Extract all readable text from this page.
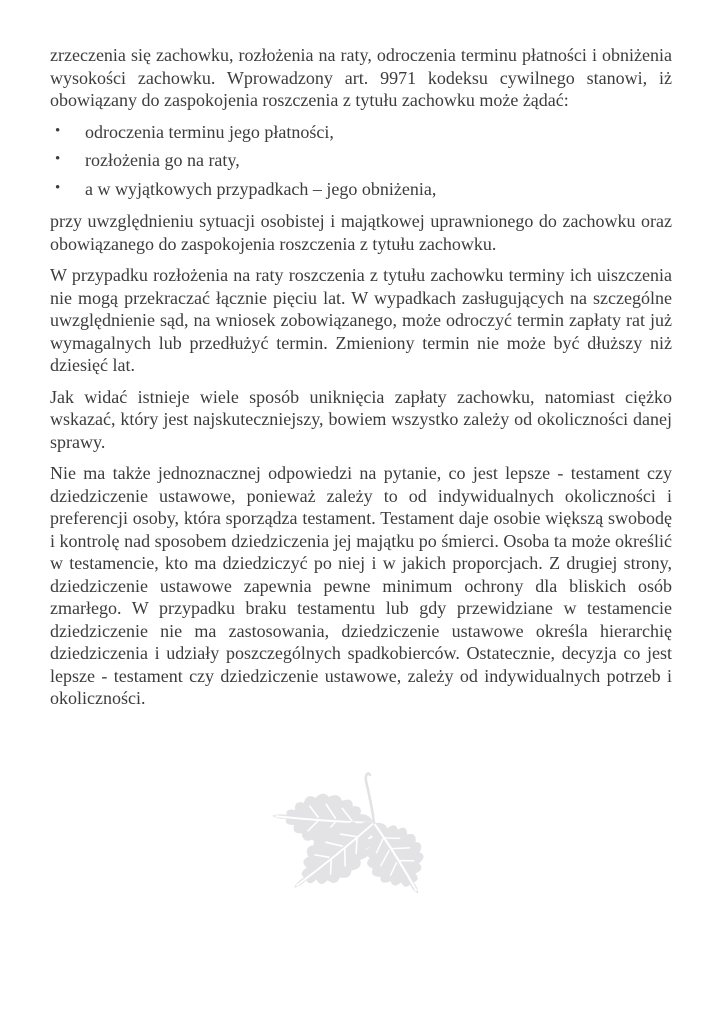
zrzeczenia się zachowku, rozłożenia na raty, odroczenia terminu płatności i obniżenia wysokości zachowku. Wprowadzony art. 9971 kodeksu cywilnego stanowi, iż obowiązany do zaspokojenia roszczenia z tytułu zachowku może żądać:

• odroczenia terminu jego płatności,
• rozłożenia go na raty,
• a w wyjątkowych przypadkach – jego obniżenia,

przy uwzględnieniu sytuacji osobistej i majątkowej uprawnionego do zachowku oraz obowiązanego do zaspokojenia roszczenia z tytułu zachowku.

W przypadku rozłożenia na raty roszczenia z tytułu zachowku terminy ich uiszczenia nie mogą przekraczać łącznie pięciu lat. W wypadkach zasługujących na szczególne uwzględnienie sąd, na wniosek zobowiązanego, może odroczyć termin zapłaty rat już wymagalnych lub przedłużyć termin. Zmieniony termin nie może być dłuższy niż dziesięć lat.

Jak widać istnieje wiele sposób uniknięcia zapłaty zachowku, natomiast ciężko wskazać, który jest najskuteczniejszy, bowiem wszystko zależy od okoliczności danej sprawy.

Nie ma także jednoznacznej odpowiedzi na pytanie, co jest lepsze - testament czy dziedziczenie ustawowe, ponieważ zależy to od indywidualnych okoliczności i preferencji osoby, która sporządza testament. Testament daje osobie większą swobodę i kontrolę nad sposobem dziedziczenia jej majątku po śmierci. Osoba ta może określić w testamencie, kto ma dziedziczyć po niej i w jakich proporcjach. Z drugiej strony, dziedziczenie ustawowe zapewnia pewne minimum ochrony dla bliskich osób zmarłego. W przypadku braku testamentu lub gdy przewidziane w testamencie dziedziczenie nie ma zastosowania, dziedziczenie ustawowe określa hierarchię dziedziczenia i udziały poszczególnych spadkobierców. Ostatecznie, decyzja co jest lepsze - testament czy dziedziczenie ustawowe, zależy od indywidualnych potrzeb i okoliczności.
